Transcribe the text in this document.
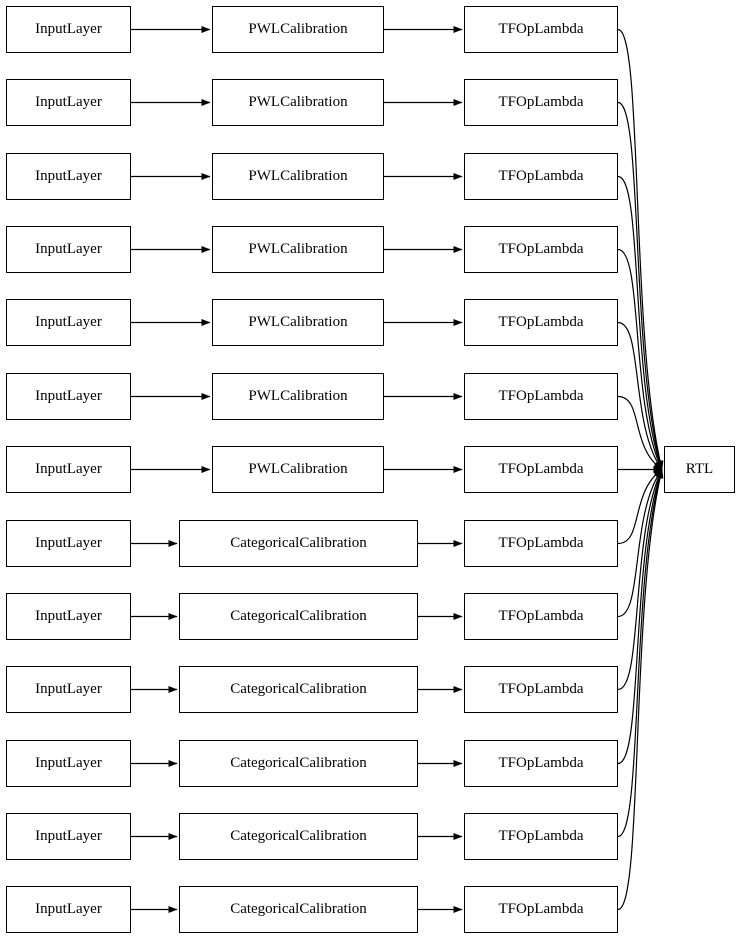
InputLayer
InputLayer
InputLayer
InputLayer
InputLayer
InputLayer
InputLayer
InputLayer
InputLayer
InputLayer
InputLayer
InputLayer
InputLayer
PWLCalibration
PWLCalibration
PWLCalibration
PWLCalibration
PWLCalibration
PWLCalibration
PWLCalibration
CategoricalCalibration
CategoricalCalibration
CategoricalCalibration
CategoricalCalibration
CategoricalCalibration
CategoricalCalibration
TFOpLambda
TFOpLambda
TFOpLambda
TFOpLambda
TFOpLambda
TFOpLambda
TFOpLambda
TFOpLambda
TFOpLambda
TFOpLambda
TFOpLambda
TFOpLambda
TFOpLambda
RTL
